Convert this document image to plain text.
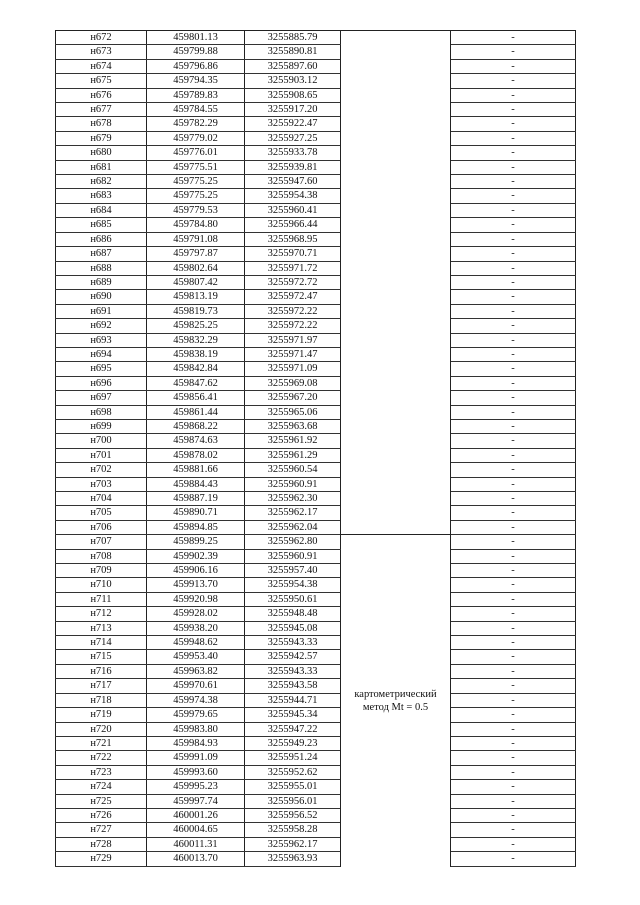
н672	459801.13	3255885.79		-
н673	459799.88	3255890.81		-
н674	459796.86	3255897.60		-
н675	459794.35	3255903.12		-
н676	459789.83	3255908.65		-
н677	459784.55	3255917.20		-
н678	459782.29	3255922.47		-
н679	459779.02	3255927.25		-
н680	459776.01	3255933.78		-
н681	459775.51	3255939.81		-
н682	459775.25	3255947.60		-
н683	459775.25	3255954.38		-
н684	459779.53	3255960.41		-
н685	459784.80	3255966.44		-
н686	459791.08	3255968.95		-
н687	459797.87	3255970.71		-
н688	459802.64	3255971.72		-
н689	459807.42	3255972.72		-
н690	459813.19	3255972.47		-
н691	459819.73	3255972.22		-
н692	459825.25	3255972.22		-
н693	459832.29	3255971.97		-
н694	459838.19	3255971.47		-
н695	459842.84	3255971.09		-
н696	459847.62	3255969.08		-
н697	459856.41	3255967.20		-
н698	459861.44	3255965.06		-
н699	459868.22	3255963.68		-
н700	459874.63	3255961.92		-
н701	459878.02	3255961.29		-
н702	459881.66	3255960.54		-
н703	459884.43	3255960.91		-
н704	459887.19	3255962.30		-
н705	459890.71	3255962.17		-
н706	459894.85	3255962.04		-
н707	459899.25	3255962.80	картометрический
метод Mt = 0.5	-
н708	459902.39	3255960.91		-
н709	459906.16	3255957.40		-
н710	459913.70	3255954.38		-
н711	459920.98	3255950.61		-
н712	459928.02	3255948.48		-
н713	459938.20	3255945.08		-
н714	459948.62	3255943.33		-
н715	459953.40	3255942.57		-
н716	459963.82	3255943.33		-
н717	459970.61	3255943.58		-
н718	459974.38	3255944.71		-
н719	459979.65	3255945.34		-
н720	459983.80	3255947.22		-
н721	459984.93	3255949.23		-
н722	459991.09	3255951.24		-
н723	459993.60	3255952.62		-
н724	459995.23	3255955.01		-
н725	459997.74	3255956.01		-
н726	460001.26	3255956.52		-
н727	460004.65	3255958.28		-
н728	460011.31	3255962.17		-
н729	460013.70	3255963.93		-
